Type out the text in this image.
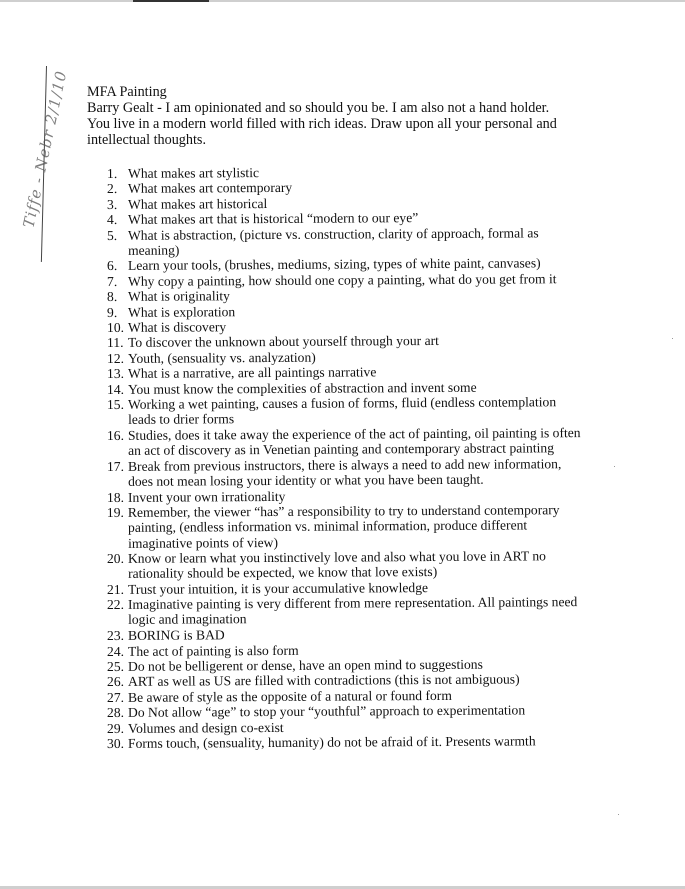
Tiffe - Nebr 2/1/10	MFA Painting

Barry Gealt - I am opinionated and so should you be. I am also not a hand holder. You live in a modern world filled with rich ideas. Draw upon all your personal and intellectual thoughts.

1. What makes art stylistic
2. What makes art contemporary
3. What makes art historical
4. What makes art that is historical “modern to our eye”
5. What is abstraction, (picture vs. construction, clarity of approach, formal as meaning)
6. Learn your tools, (brushes, mediums, sizing, types of white paint, canvases)
7. Why copy a painting, how should one copy a painting, what do you get from it
8. What is originality
9. What is exploration
10. What is discovery
11. To discover the unknown about yourself through your art
12. Youth, (sensuality vs. analyzation)
13. What is a narrative, are all paintings narrative
14. You must know the complexities of abstraction and invent some
15. Working a wet painting, causes a fusion of forms, fluid (endless contemplation leads to drier forms
16. Studies, does it take away the experience of the act of painting, oil painting is often an act of discovery as in Venetian painting and contemporary abstract painting
17. Break from previous instructors, there is always a need to add new information, does not mean losing your identity or what you have been taught.
18. Invent your own irrationality
19. Remember, the viewer “has” a responsibility to try to understand contemporary painting, (endless information vs. minimal information, produce different imaginative points of view)
20. Know or learn what you instinctively love and also what you love in ART no rationality should be expected, we know that love exists)
21. Trust your intuition, it is your accumulative knowledge
22. Imaginative painting is very different from mere representation. All paintings need logic and imagination
23. BORING is BAD
24. The act of painting is also form
25. Do not be belligerent or dense, have an open mind to suggestions
26. ART as well as US are filled with contradictions (this is not ambiguous)
27. Be aware of style as the opposite of a natural or found form
28. Do Not allow “age” to stop your “youthful” approach to experimentation
29. Volumes and design co-exist
30. Forms touch, (sensuality, humanity) do not be afraid of it. Presents warmth
